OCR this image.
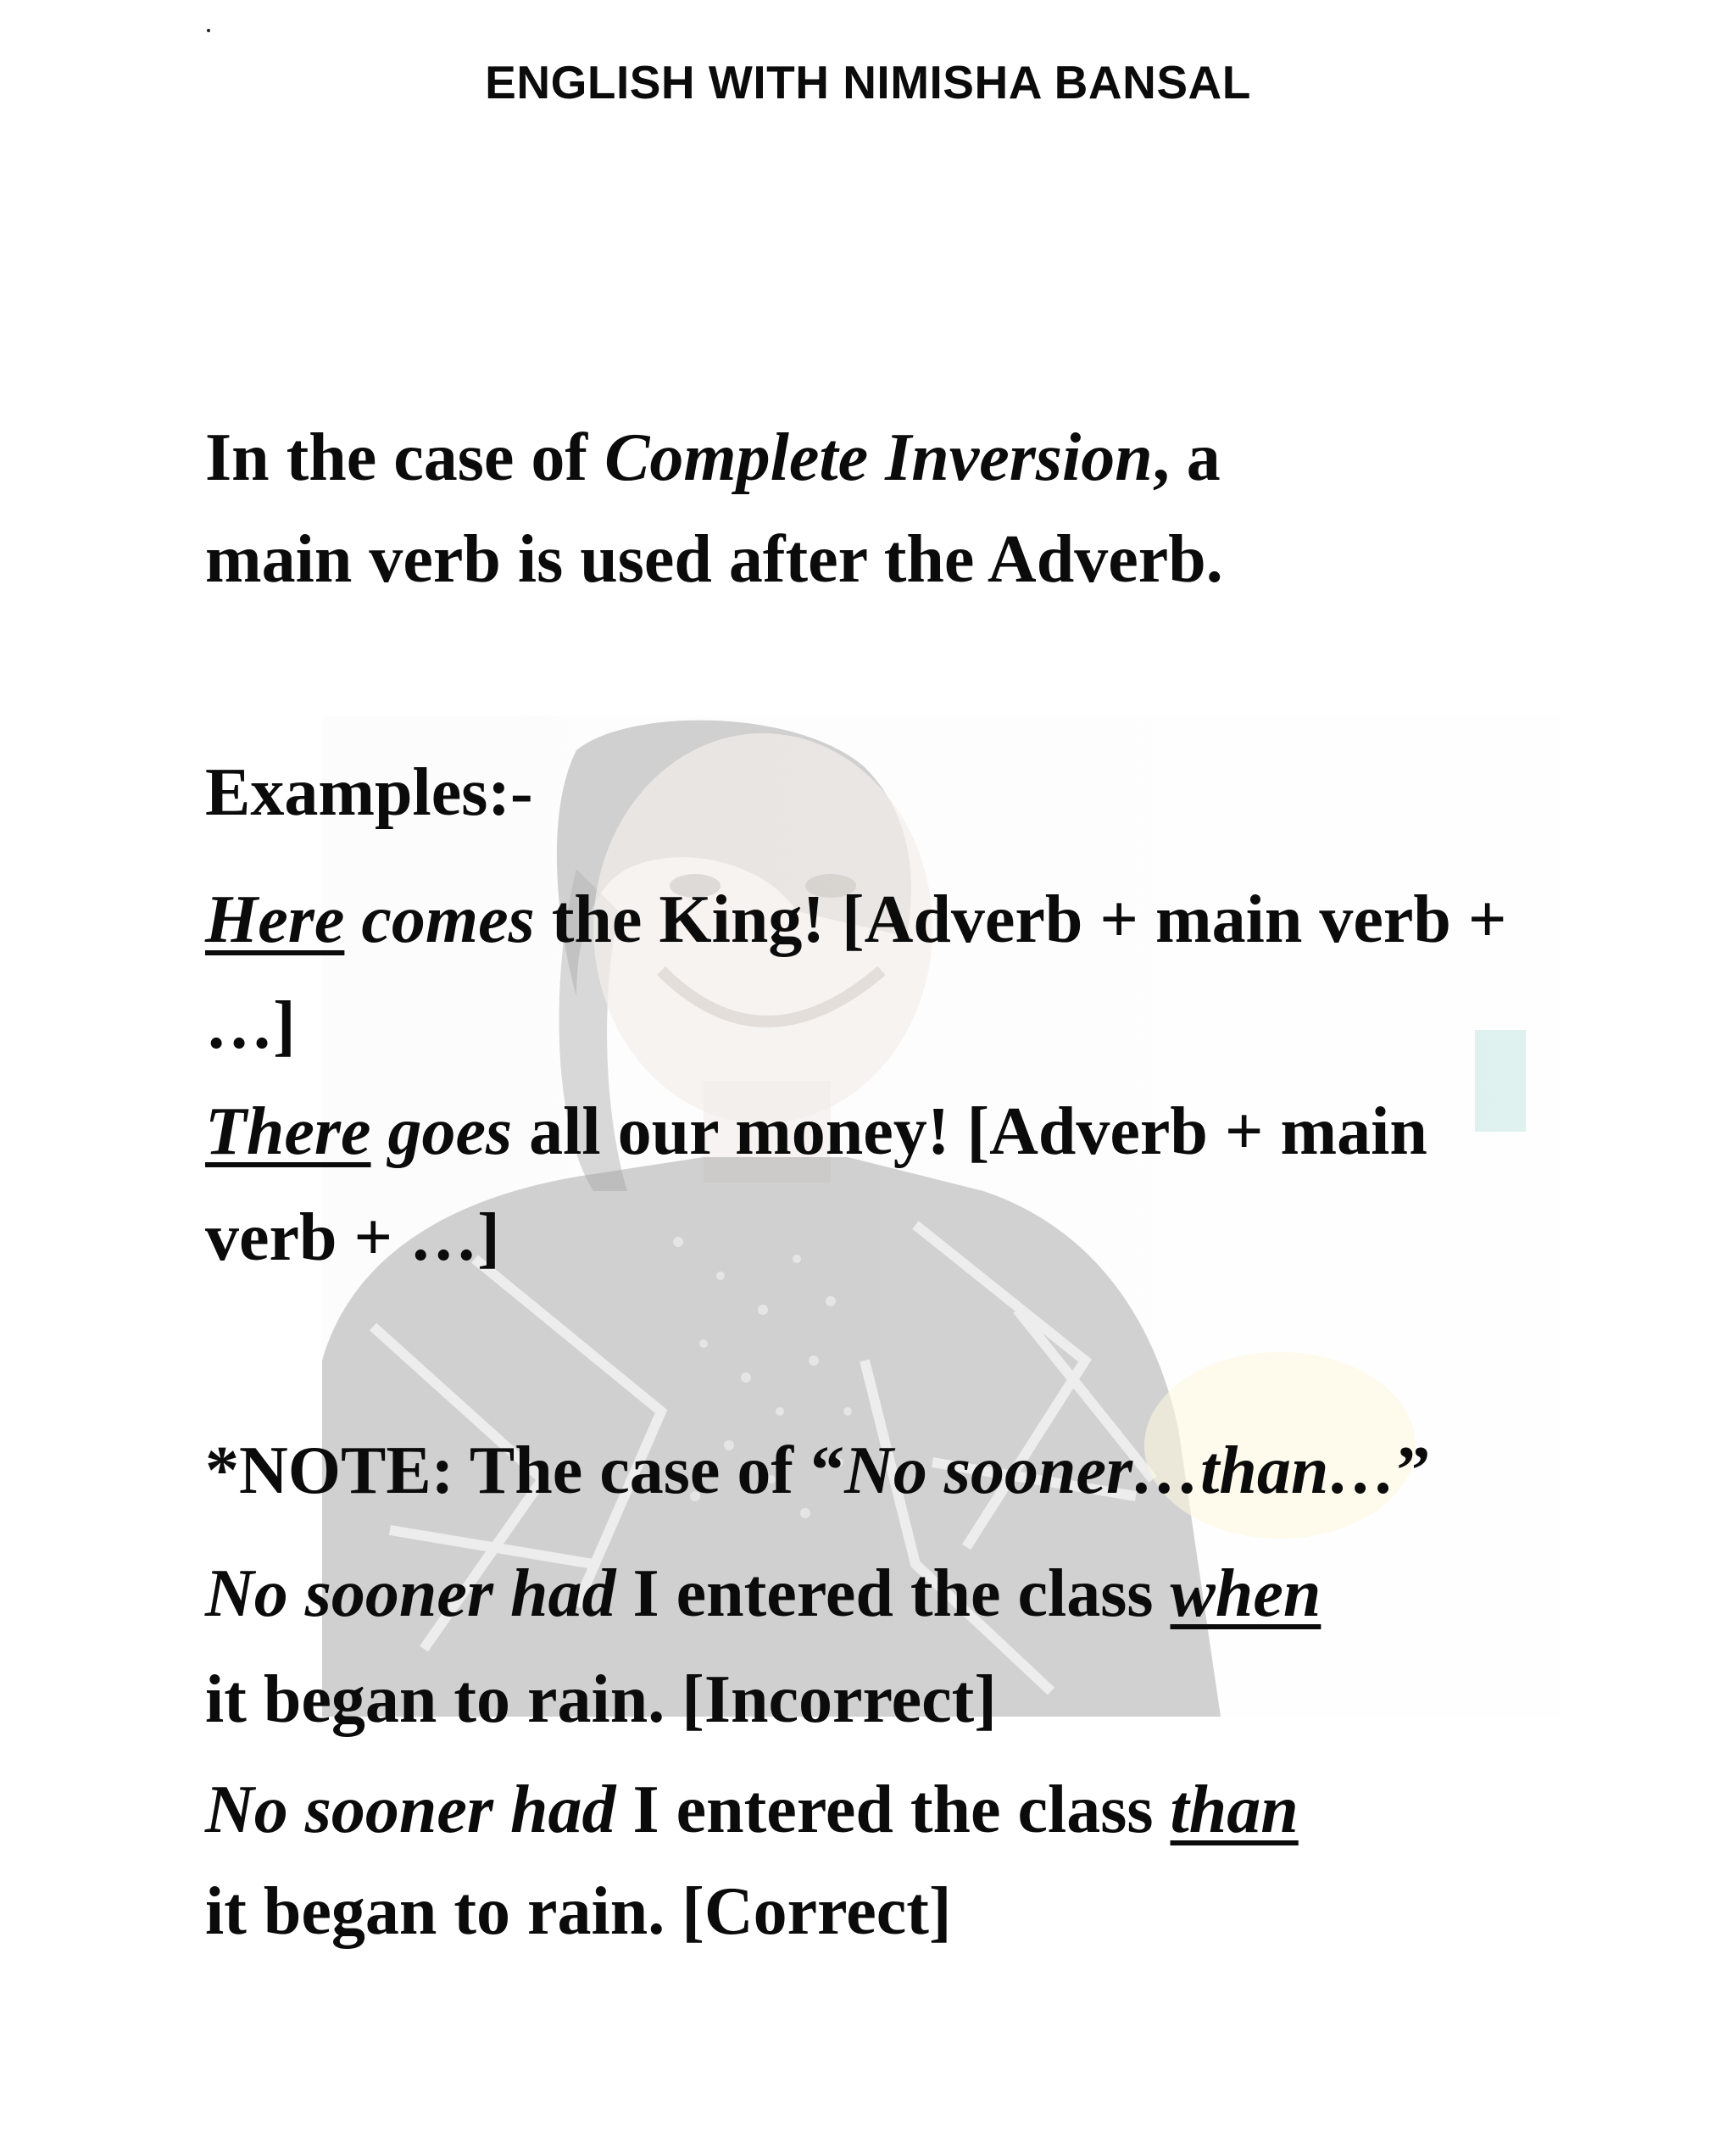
ENGLISH WITH NIMISHA BANSAL
In the case of Complete Inversion, a
main verb is used after the Adverb.
Examples:-
Here comes the King! [Adverb + main verb +
…]
There goes all our money! [Adverb + main
verb + …]
*NOTE: The case of “No sooner…than…”
No sooner had I entered the class when
it began to rain. [Incorrect]
No sooner had I entered the class than
it began to rain. [Correct]
